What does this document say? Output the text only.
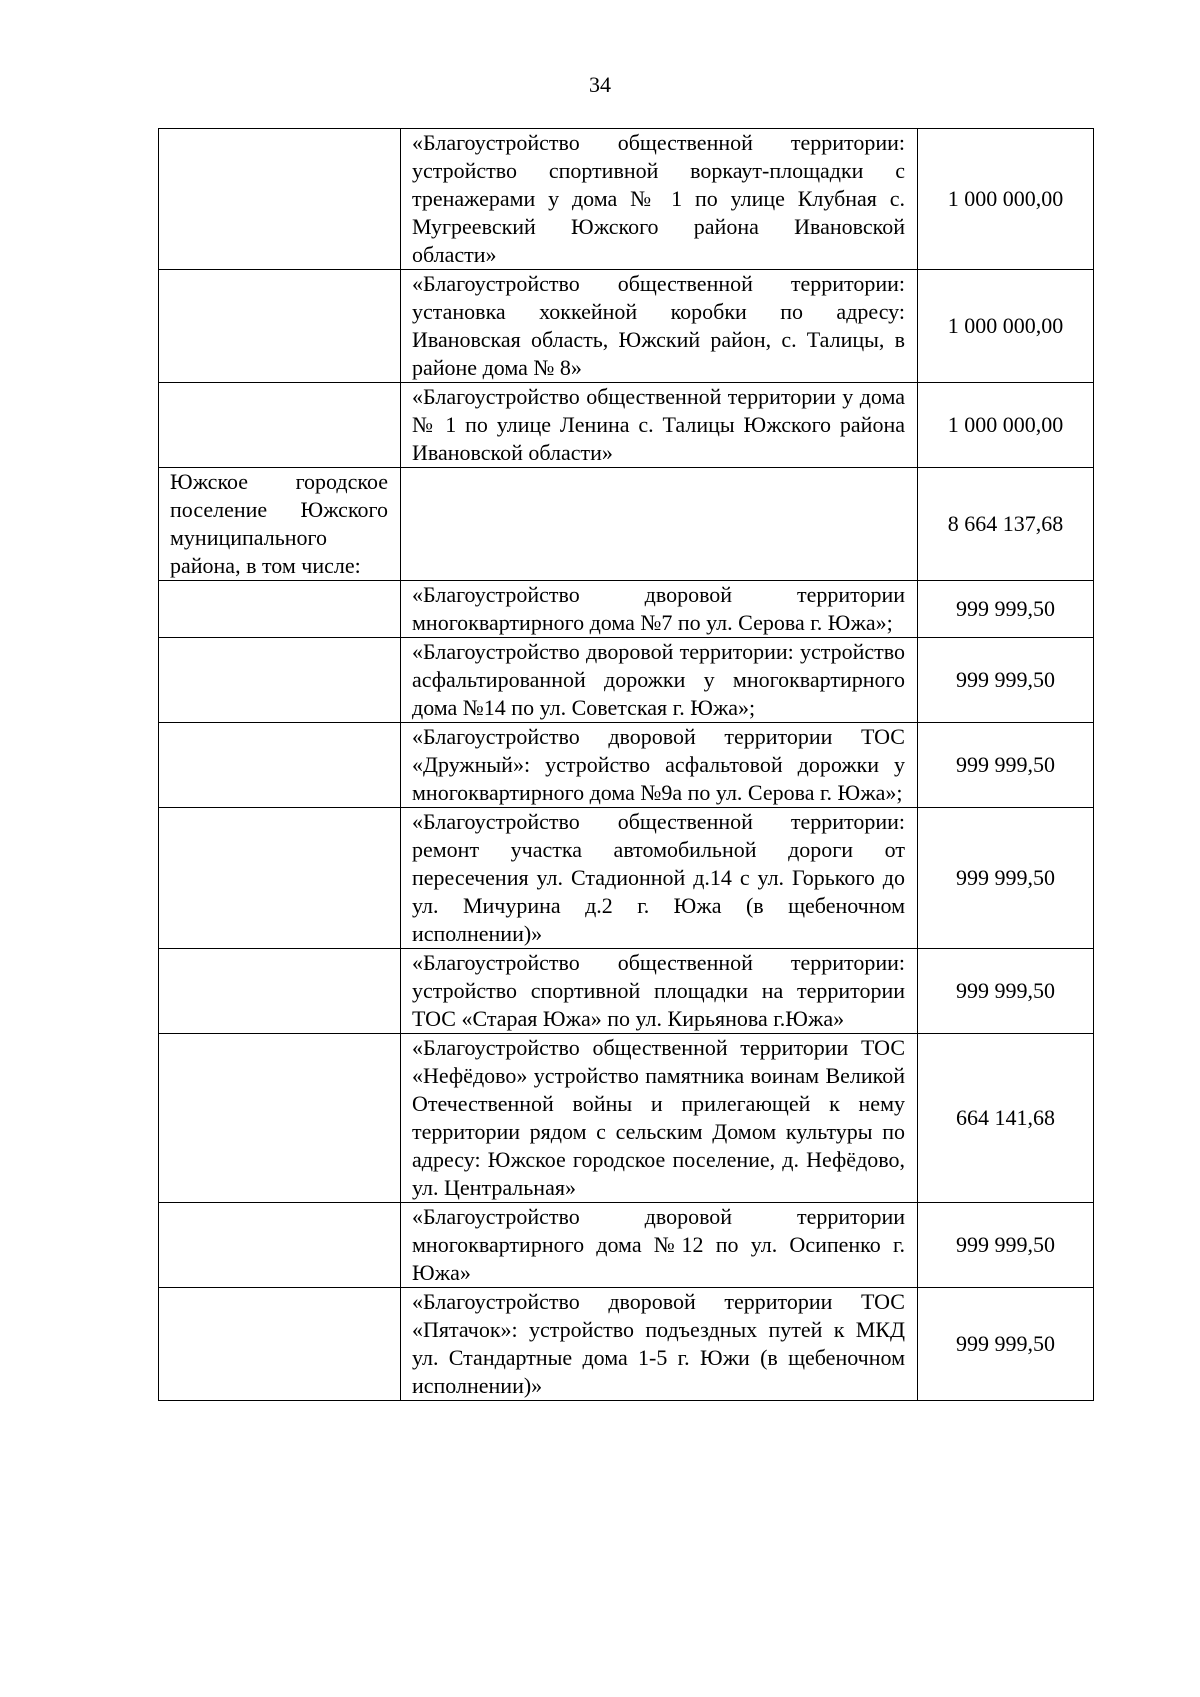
34
	«Благоустройство общественной территории: устройство спортивной воркаут-площадки с тренажерами у дома № 1 по улице Клубная с. Мугреевский Южского района Ивановской области»	1 000 000,00
	«Благоустройство общественной территории: установка хоккейной коробки по адресу: Ивановская область, Южский район, с. Талицы, в районе дома № 8»	1 000 000,00
	«Благоустройство общественной территории у дома № 1 по улице Ленина с. Талицы Южского района Ивановской области»	1 000 000,00
Южское городское поселение Южского муниципального района, в том числе:		8 664 137,68
	«Благоустройство дворовой территории многоквартирного дома №7 по ул. Серова г. Южа»;	999 999,50
	«Благоустройство дворовой территории: устройство асфальтированной дорожки у многоквартирного дома №14 по ул. Советская г. Южа»;	999 999,50
	«Благоустройство дворовой территории ТОС «Дружный»: устройство асфальтовой дорожки у многоквартирного дома №9а по ул. Серова г. Южа»;	999 999,50
	«Благоустройство общественной территории: ремонт участка автомобильной дороги от пересечения ул. Стадионной д.14 с ул. Горького до ул. Мичурина д.2 г. Южа (в щебеночном исполнении)»	999 999,50
	«Благоустройство общественной территории: устройство спортивной площадки на территории ТОС «Старая Южа» по ул. Кирьянова г.Южа»	999 999,50
	«Благоустройство общественной территории ТОС «Нефёдово» устройство памятника воинам Великой Отечественной войны и прилегающей к нему территории рядом с сельским Домом культуры по адресу: Южское городское поселение, д. Нефёдово, ул. Центральная»	664 141,68
	«Благоустройство дворовой территории многоквартирного дома №12 по ул. Осипенко г. Южа»	999 999,50
	«Благоустройство дворовой территории ТОС «Пятачок»: устройство подъездных путей к МКД ул. Стандартные дома 1-5 г. Южи (в щебеночном исполнении)»	999 999,50
